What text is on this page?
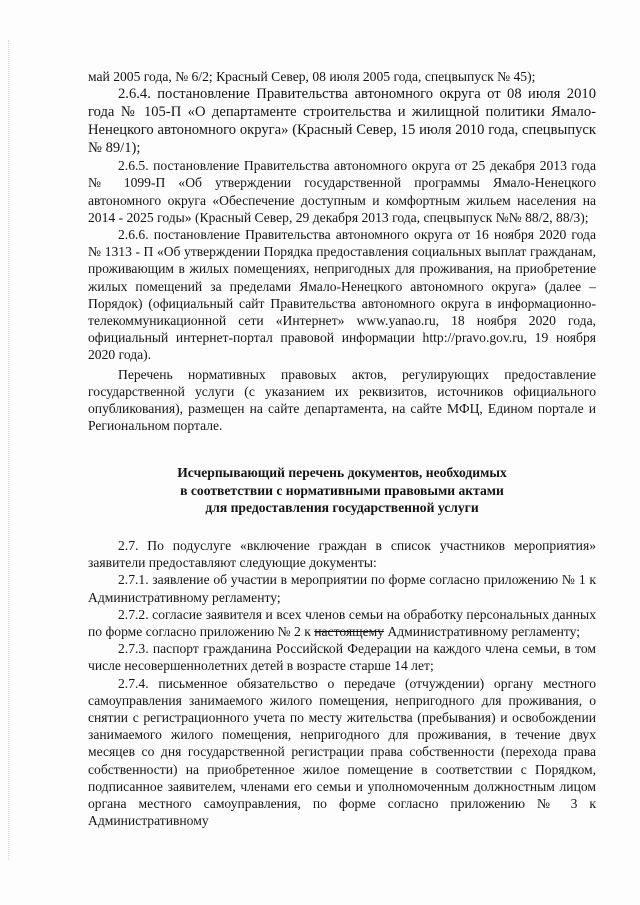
май 2005 года, № 6/2; Красный Север, 08 июля 2005 года, спецвыпуск № 45);

2.6.4. постановление Правительства автономного округа от 08 июля 2010 года № 105-П «О департаменте строительства и жилищной политики Ямало-Ненецкого автономного округа» (Красный Север, 15 июля 2010 года, спецвыпуск № 89/1);

2.6.5. постановление Правительства автономного округа от 25 декабря 2013 года № 1099-П «Об утверждении государственной программы Ямало-Ненецкого автономного округа «Обеспечение доступным и комфортным жильем населения на 2014 - 2025 годы» (Красный Север, 29 декабря 2013 года, спецвыпуск №№ 88/2, 88/3);

2.6.6. постановление Правительства автономного округа от 16 ноября 2020 года № 1313 - П «Об утверждении Порядка предоставления социальных выплат гражданам, проживающим в жилых помещениях, непригодных для проживания, на приобретение жилых помещений за пределами Ямало-Ненецкого автономного округа» (далее – Порядок) (официальный сайт Правительства автономного округа в информационно-телекоммуникационной сети «Интернет» www.yanao.ru, 18 ноября 2020 года, официальный интернет-портал правовой информации http://pravo.gov.ru, 19 ноября 2020 года).

Перечень нормативных правовых актов, регулирующих предоставление государственной услуги (с указанием их реквизитов, источников официального опубликования), размещен на сайте департамента, на сайте МФЦ, Едином портале и Региональном портале.

Исчерпывающий перечень документов, необходимых

в соответствии с нормативными правовыми актами

для предоставления государственной услуги

2.7. По подуслуге «включение граждан в список участников мероприятия» заявители предоставляют следующие документы:

2.7.1. заявление об участии в мероприятии по форме согласно приложению № 1 к Административному регламенту;

2.7.2. согласие заявителя и всех членов семьи на обработку персональных данных по форме согласно приложению № 2 к настоящему Административному регламенту;

2.7.3. паспорт гражданина Российской Федерации на каждого члена семьи, в том числе несовершеннолетних детей в возрасте старше 14 лет;

2.7.4. письменное обязательство о передаче (отчуждении) органу местного самоуправления занимаемого жилого помещения, непригодного для проживания, о снятии с регистрационного учета по месту жительства (пребывания) и освобождении занимаемого жилого помещения, непригодного для проживания, в течение двух месяцев со дня государственной регистрации права собственности (перехода права собственности) на приобретенное жилое помещение в соответствии с Порядком, подписанное заявителем, членами его семьи и уполномоченным должностным лицом органа местного самоуправления, по форме согласно приложению № 3 к Административному
